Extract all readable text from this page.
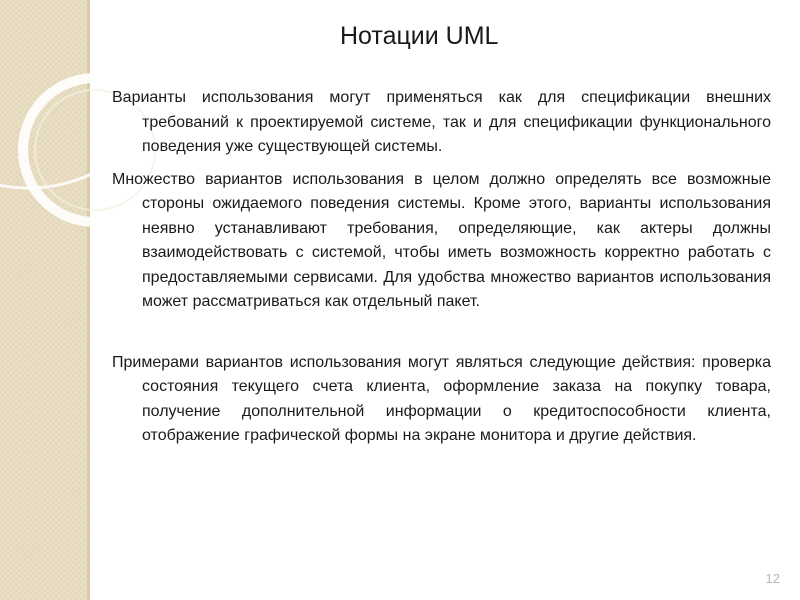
Нотации UML

Варианты использования могут применяться как для спецификации внешних требований к проектируемой системе, так и для спецификации функционального поведения уже существующей системы.

Множество вариантов использования в целом должно определять все возможные стороны ожидаемого поведения системы. Кроме этого, варианты использования неявно устанавливают требования, определяющие, как актеры должны взаимодействовать с системой, чтобы иметь возможность корректно работать с предоставляемыми сервисами. Для удобства множество вариантов использования может рассматриваться как отдельный пакет.

Примерами вариантов использования могут являться следующие действия: проверка состояния текущего счета клиента, оформление заказа на покупку товара, получение дополнительной информации о кредитоспособности клиента, отображение графической формы на экране монитора и другие действия.

12
